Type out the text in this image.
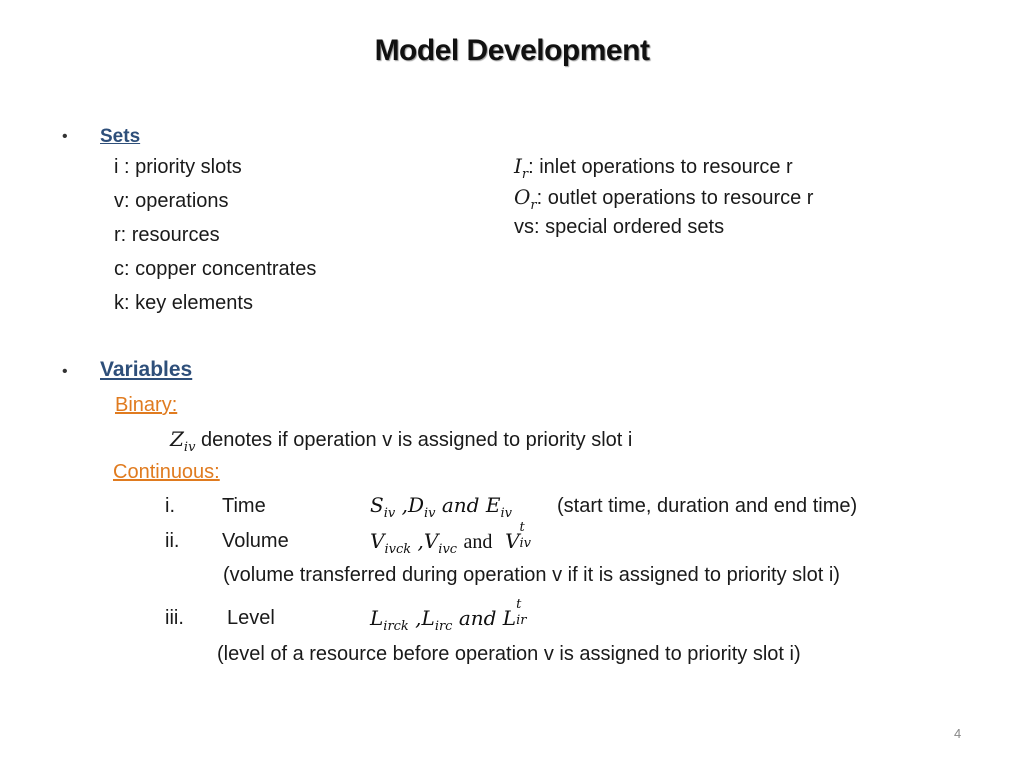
Model Development
• Sets
i : priority slots
v: operations
r: resources
c: copper concentrates
k: key elements
$I_r$: inlet operations to resource r
$O_r$: outlet operations to resource r
vs: special ordered sets
• Variables
Binary:
$Z_{iv}$ denotes if operation v is assigned to priority slot i
Continuous:
i. Time	$S_{iv}$ $,D_{iv}$ and $E_{iv}$ (start time, duration and end time)
ii. Volume	$V_{ivck}$ $,V_{ivc}$ and V
t
iv
(volume transferred during operation v if it is assigned to priority slot i)
iii. Level	$L_{irck}$ $,L_{irc}$ and L
t
ir
(level of a resource before operation v is assigned to priority slot i)
4
